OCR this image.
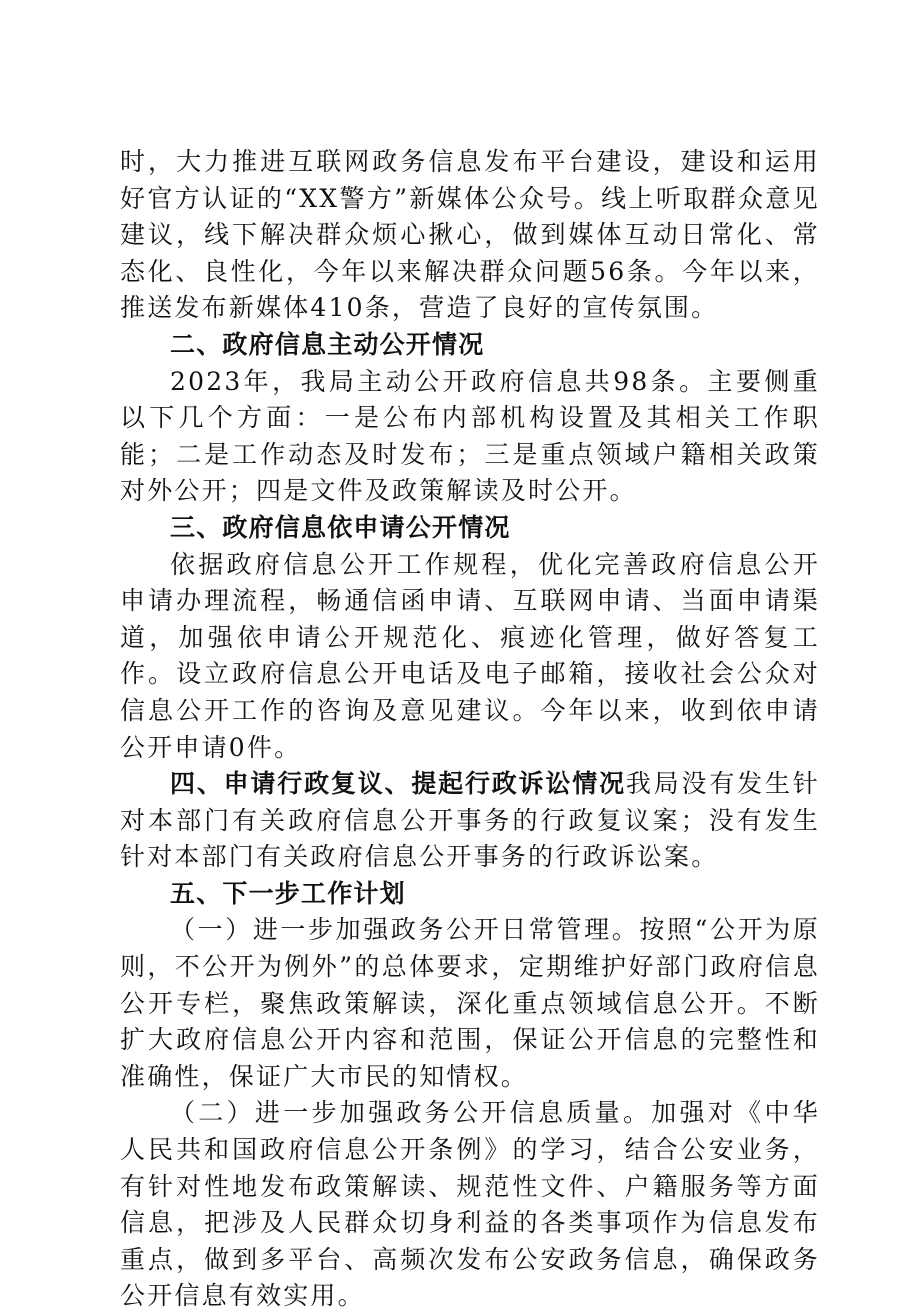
时，大力推进互联网政务信息发布平台建设，建设和运用好官方认证的“XX警方”新媒体公众号。线上听取群众意见建议，线下解决群众烦心揪心，做到媒体互动日常化、常态化、良性化，今年以来解决群众问题56条。今年以来，推送发布新媒体410条，营造了良好的宣传氛围。

二、政府信息主动公开情况

2023年，我局主动公开政府信息共98条。主要侧重以下几个方面：一是公布内部机构设置及其相关工作职能；二是工作动态及时发布；三是重点领域户籍相关政策对外公开；四是文件及政策解读及时公开。

三、政府信息依申请公开情况

依据政府信息公开工作规程，优化完善政府信息公开申请办理流程，畅通信函申请、互联网申请、当面申请渠道，加强依申请公开规范化、痕迹化管理，做好答复工作。设立政府信息公开电话及电子邮箱，接收社会公众对信息公开工作的咨询及意见建议。今年以来，收到依申请公开申请0件。

四、申请行政复议、提起行政诉讼情况我局没有发生针对本部门有关政府信息公开事务的行政复议案；没有发生针对本部门有关政府信息公开事务的行政诉讼案。

五、下一步工作计划

（一）进一步加强政务公开日常管理。按照“公开为原则，不公开为例外”的总体要求，定期维护好部门政府信息公开专栏，聚焦政策解读，深化重点领域信息公开。不断扩大政府信息公开内容和范围，保证公开信息的完整性和准确性，保证广大市民的知情权。

（二）进一步加强政务公开信息质量。加强对《中华人民共和国政府信息公开条例》的学习，结合公安业务，有针对性地发布政策解读、规范性文件、户籍服务等方面信息，把涉及人民群众切身利益的各类事项作为信息发布重点，做到多平台、高频次发布公安政务信息，确保政务公开信息有效实用。
